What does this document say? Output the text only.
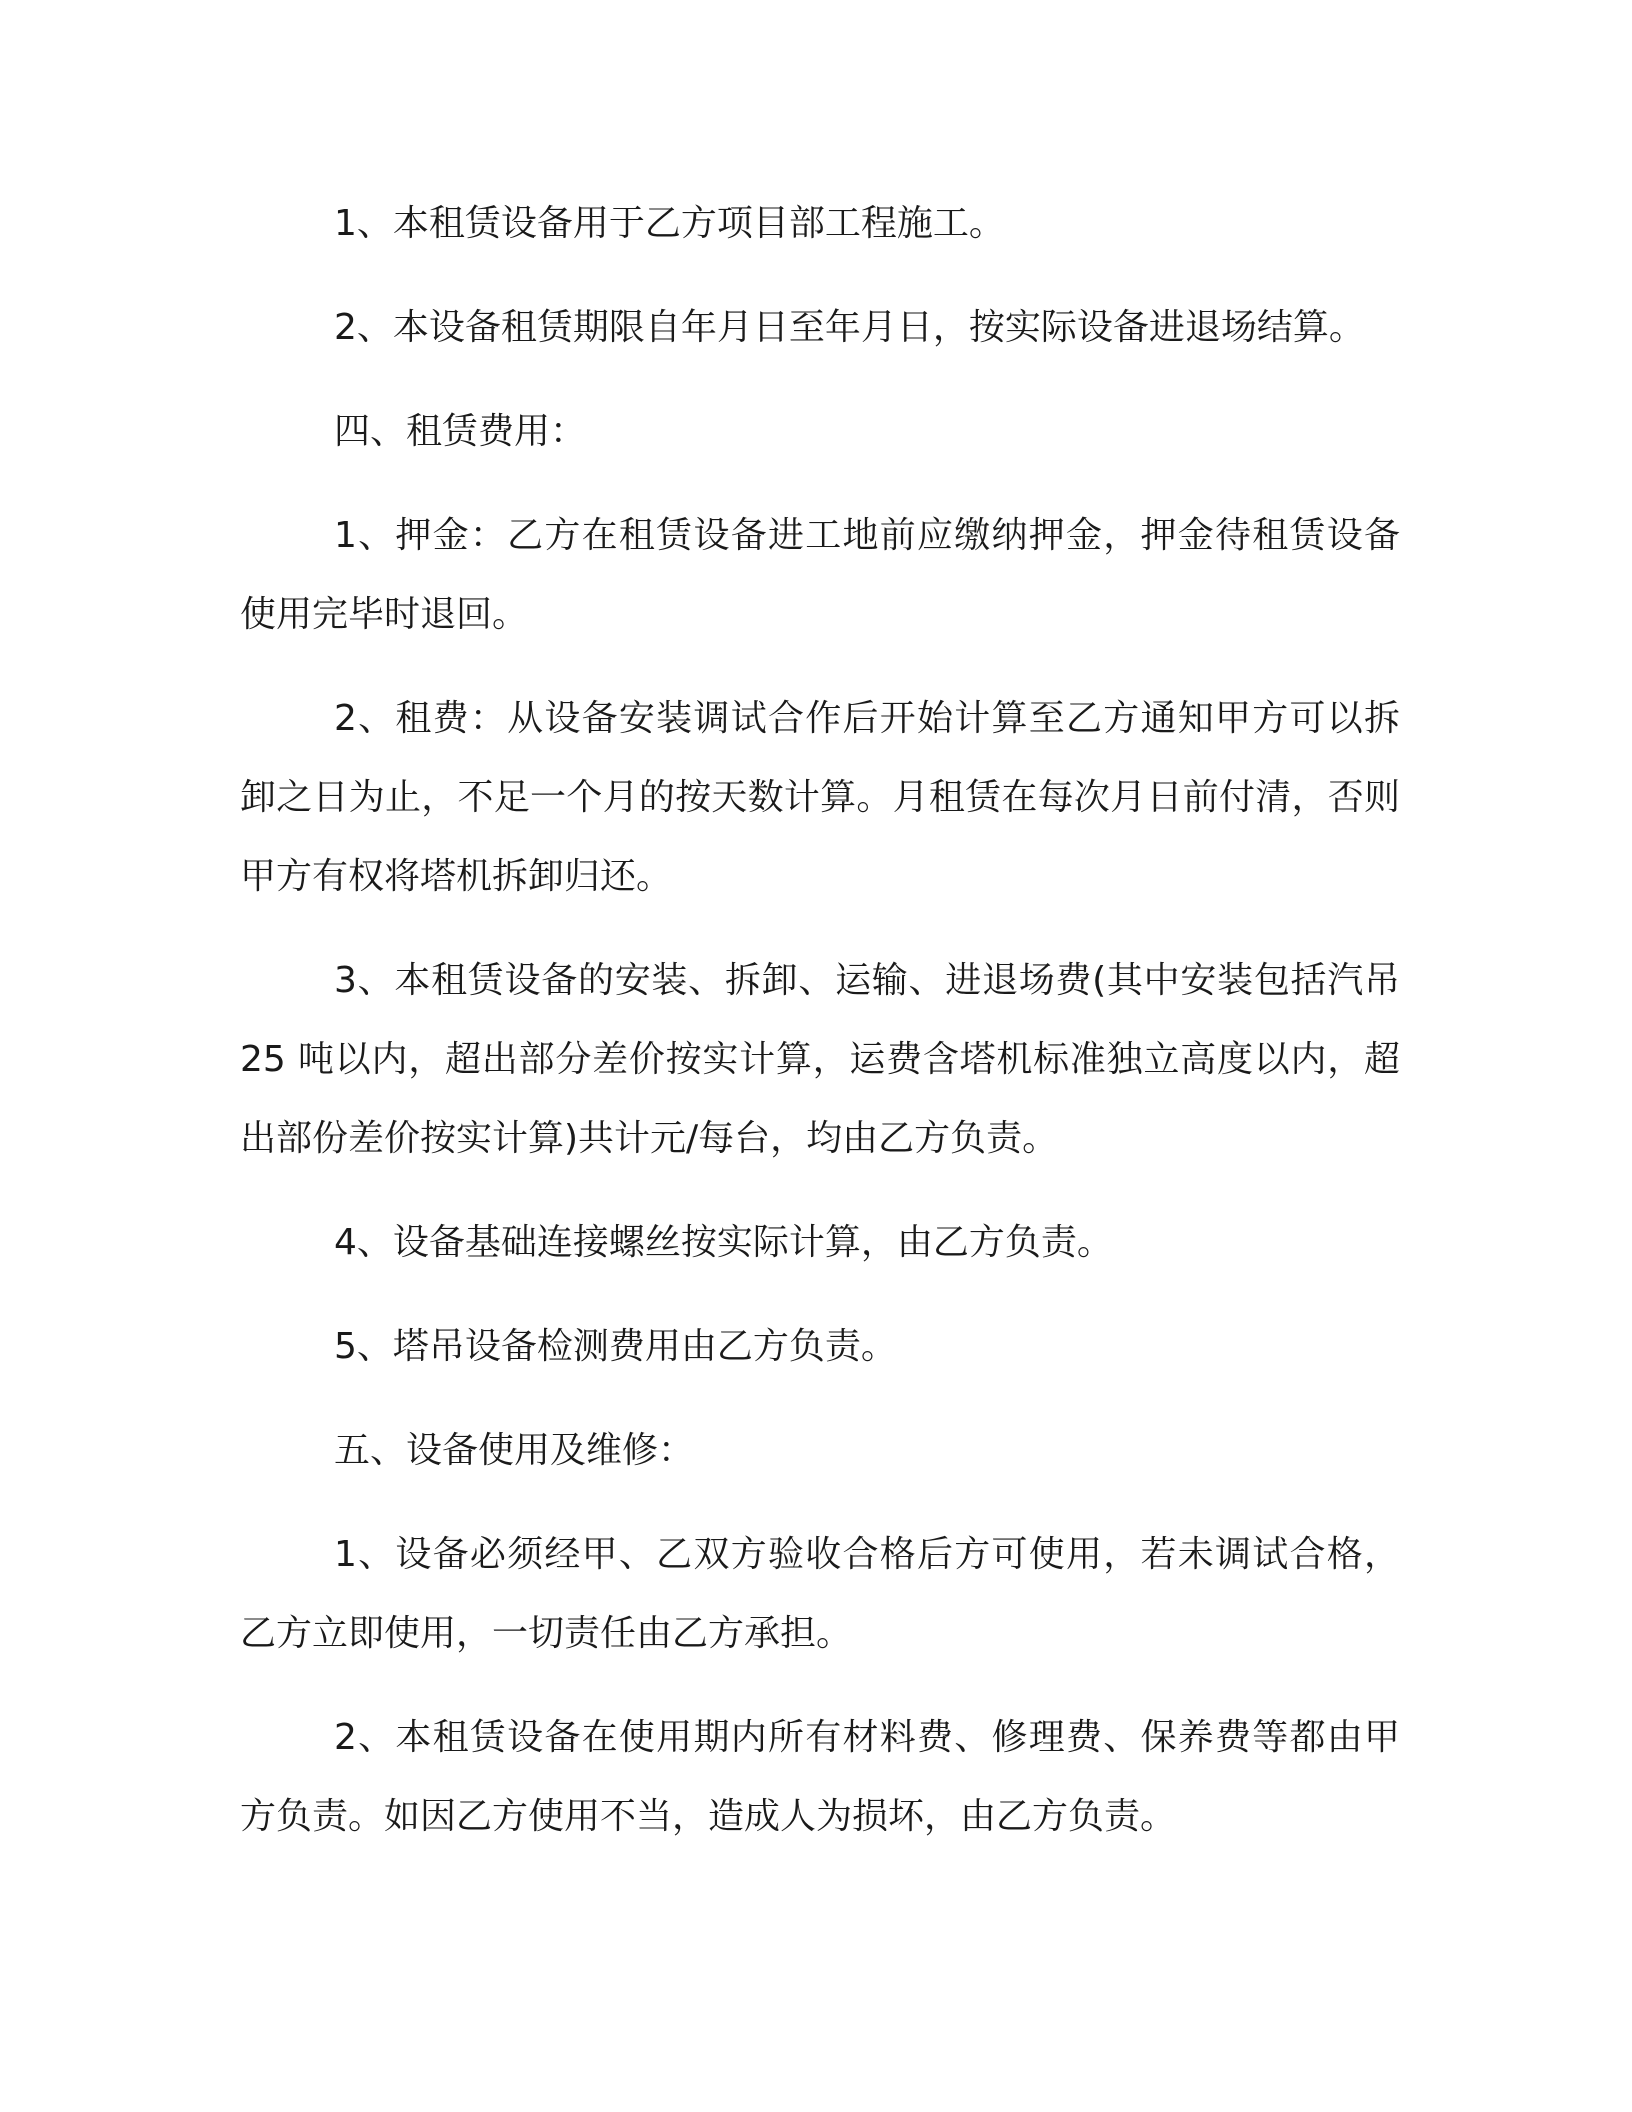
1、本租赁设备用于乙方项目部工程施工。

2、本设备租赁期限自年月日至年月日，按实际设备进退场结算。

四、租赁费用：

1、押金：乙方在租赁设备进工地前应缴纳押金，押金待租赁设备使用完毕时退回。

2、租费：从设备安装调试合作后开始计算至乙方通知甲方可以拆卸之日为止，不足一个月的按天数计算。月租赁在每次月日前付清，否则甲方有权将塔机拆卸归还。

3、本租赁设备的安装、拆卸、运输、进退场费(其中安装包括汽吊 25 吨以内，超出部分差价按实计算，运费含塔机标准独立高度以内，超出部份差价按实计算)共计元/每台，均由乙方负责。

4、设备基础连接螺丝按实际计算，由乙方负责。

5、塔吊设备检测费用由乙方负责。

五、设备使用及维修：

1、设备必须经甲、乙双方验收合格后方可使用，若未调试合格，乙方立即使用，一切责任由乙方承担。

2、本租赁设备在使用期内所有材料费、修理费、保养费等都由甲方负责。如因乙方使用不当，造成人为损坏，由乙方负责。
